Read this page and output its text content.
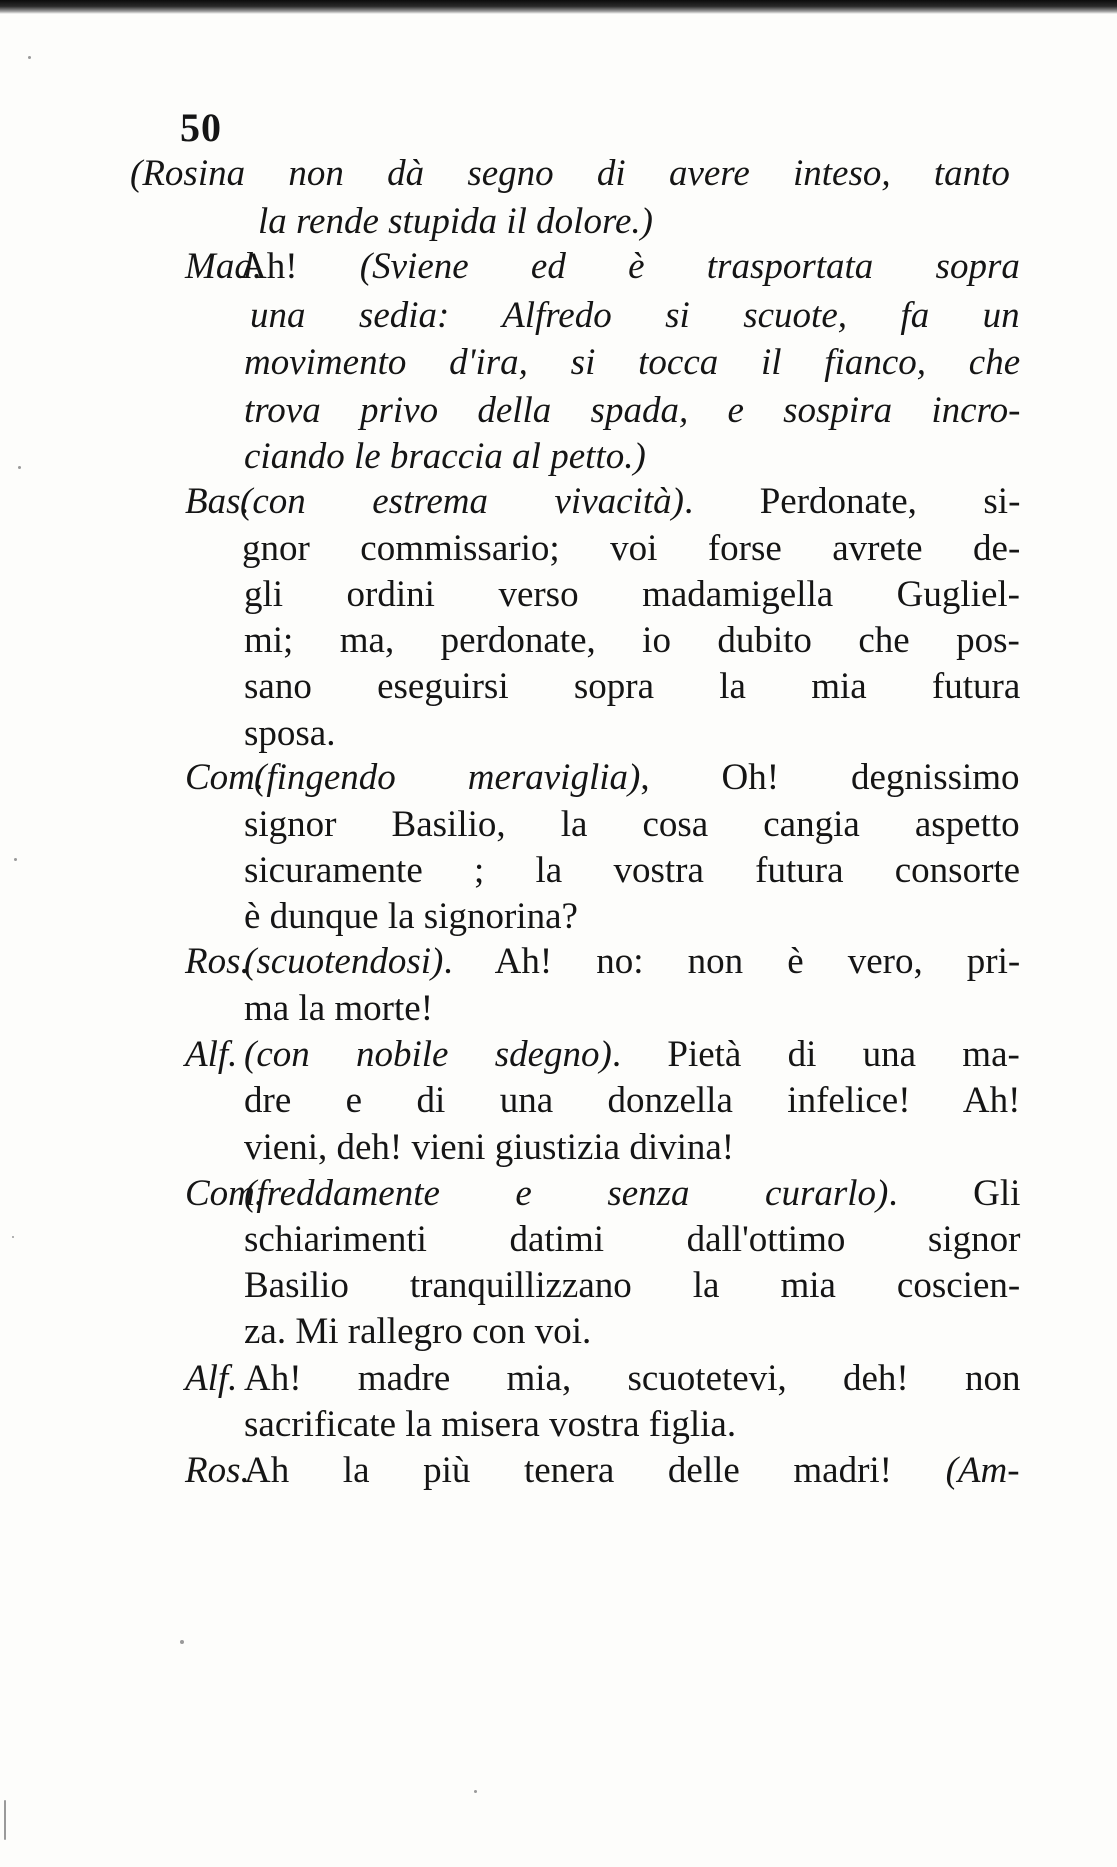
50
(Rosina non dà segno di avere inteso, tanto
la rende stupida il dolore.)
Mad.
Ah! (Sviene ed è trasportata sopra
una sedia: Alfredo si scuote, fa un
movimento d'ira, si tocca il fianco, che
trova privo della spada, e sospira incro-
ciando le braccia al petto.)
Bas.
(con estrema vivacità). Perdonate, si-
gnor commissario; voi forse avrete de-
gli ordini verso madamigella Gugliel-
mi; ma, perdonate, io dubito che pos-
sano eseguirsi sopra la mia futura
sposa.
Com.
(fingendo meraviglia), Oh! degnissimo
signor Basilio, la cosa cangia aspetto
sicuramente ; la vostra futura consorte
è dunque la signorina?
Ros.
(scuotendosi). Ah! no: non è vero, pri-
ma la morte!
Alf. (con nobile sdegno). Pietà di una ma-
dre e di una donzella infelice! Ah!
vieni, deh! vieni giustizia divina!
Com.
(freddamente e senza curarlo). Gli
schiarimenti datimi dall'ottimo signor
Basilio tranquillizzano la mia coscien-
za. Mi rallegro con voi.
Alf. Ah! madre mia, scuotetevi, deh! non
sacrificate la misera vostra figlia.
Ros.
Ah la più tenera delle madri! (Am-
